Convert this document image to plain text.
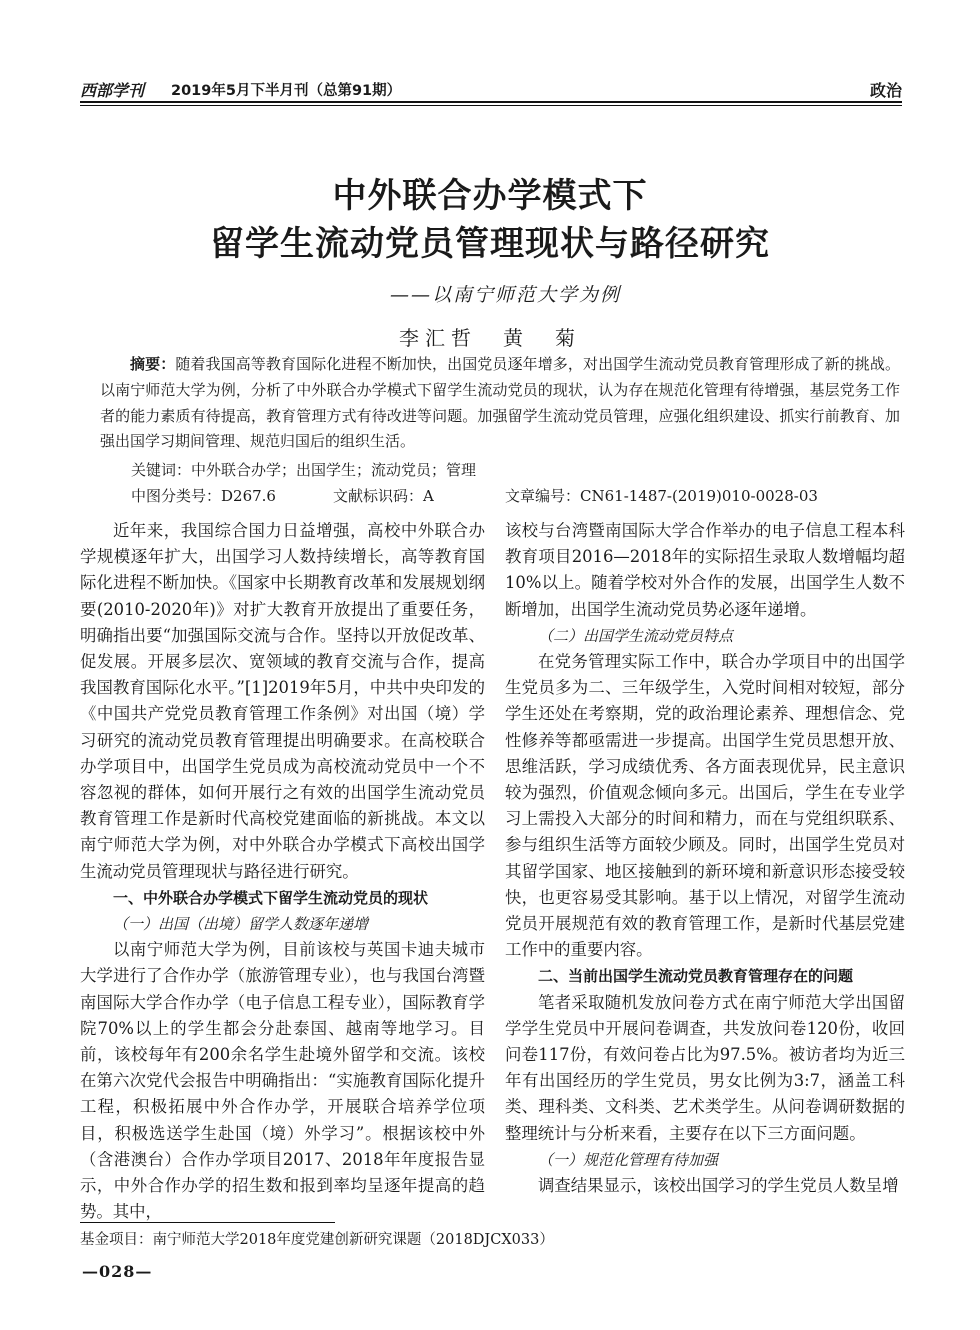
西部学刊 2019年5月下半月刊（总第91期）	政治
中外联合办学模式下
留学生流动党员管理现状与路径研究
——以南宁师范大学为例
李汇哲　黄　菊
摘要：随着我国高等教育国际化进程不断加快，出国党员逐年增多，对出国学生流动党员教育管理形成了新的挑战。以南宁师范大学为例，分析了中外联合办学模式下留学生流动党员的现状，认为存在规范化管理有待增强，基层党务工作者的能力素质有待提高，教育管理方式有待改进等问题。加强留学生流动党员管理，应强化组织建设、抓实行前教育、加强出国学习期间管理、规范归国后的组织生活。
关键词：中外联合办学；出国学生；流动党员；管理
中图分类号：D267.6	文献标识码：A	文章编号：CN61-1487-(2019)010-0028-03

近年来，我国综合国力日益增强，高校中外联合办学规模逐年扩大，出国学习人数持续增长，高等教育国际化进程不断加快。《国家中长期教育改革和发展规划纲要(2010-2020年)》对扩大教育开放提出了重要任务，明确指出要“加强国际交流与合作。坚持以开放促改革、促发展。开展多层次、宽领域的教育交流与合作，提高我国教育国际化水平。”[1]2019年5月，中共中央印发的《中国共产党党员教育管理工作条例》对出国（境）学习研究的流动党员教育管理提出明确要求。在高校联合办学项目中，出国学生党员成为高校流动党员中一个不容忽视的群体，如何开展行之有效的出国学生流动党员教育管理工作是新时代高校党建面临的新挑战。本文以南宁师范大学为例，对中外联合办学模式下高校出国学生流动党员管理现状与路径进行研究。

一、中外联合办学模式下留学生流动党员的现状

（一）出国（出境）留学人数逐年递增

以南宁师范大学为例，目前该校与英国卡迪夫城市大学进行了合作办学（旅游管理专业），也与我国台湾暨南国际大学合作办学（电子信息工程专业），国际教育学院70%以上的学生都会分赴泰国、越南等地学习。目前，该校每年有200余名学生赴境外留学和交流。该校在第六次党代会报告中明确指出：“实施教育国际化提升工程，积极拓展中外合作办学，开展联合培养学位项目，积极选送学生赴国（境）外学习”。根据该校中外（含港澳台）合作办学项目2017、2018年年度报告显示，中外合作办学的招生数和报到率均呈逐年提高的趋势。其中，

该校与台湾暨南国际大学合作举办的电子信息工程本科教育项目2016—2018年的实际招生录取人数增幅均超10%以上。随着学校对外合作的发展，出国学生人数不断增加，出国学生流动党员势必逐年递增。

（二）出国学生流动党员特点

在党务管理实际工作中，联合办学项目中的出国学生党员多为二、三年级学生，入党时间相对较短，部分学生还处在考察期，党的政治理论素养、理想信念、党性修养等都亟需进一步提高。出国学生党员思想开放、思维活跃，学习成绩优秀、各方面表现优异，民主意识较为强烈，价值观念倾向多元。出国后，学生在专业学习上需投入大部分的时间和精力，而在与党组织联系、参与组织生活等方面较少顾及。同时，出国学生党员对其留学国家、地区接触到的新环境和新意识形态接受较快，也更容易受其影响。基于以上情况，对留学生流动党员开展规范有效的教育管理工作，是新时代基层党建工作中的重要内容。

二、当前出国学生流动党员教育管理存在的问题

笔者采取随机发放问卷方式在南宁师范大学出国留学学生党员中开展问卷调查，共发放问卷120份，收回问卷117份，有效问卷占比为97.5%。被访者均为近三年有出国经历的学生党员，男女比例为3:7，涵盖工科类、理科类、文科类、艺术类学生。从问卷调研数据的整理统计与分析来看，主要存在以下三方面问题。

（一）规范化管理有待加强

调查结果显示，该校出国学习的学生党员人数呈增

基金项目：南宁师范大学2018年度党建创新研究课题（2018DJCX033）
—028—
